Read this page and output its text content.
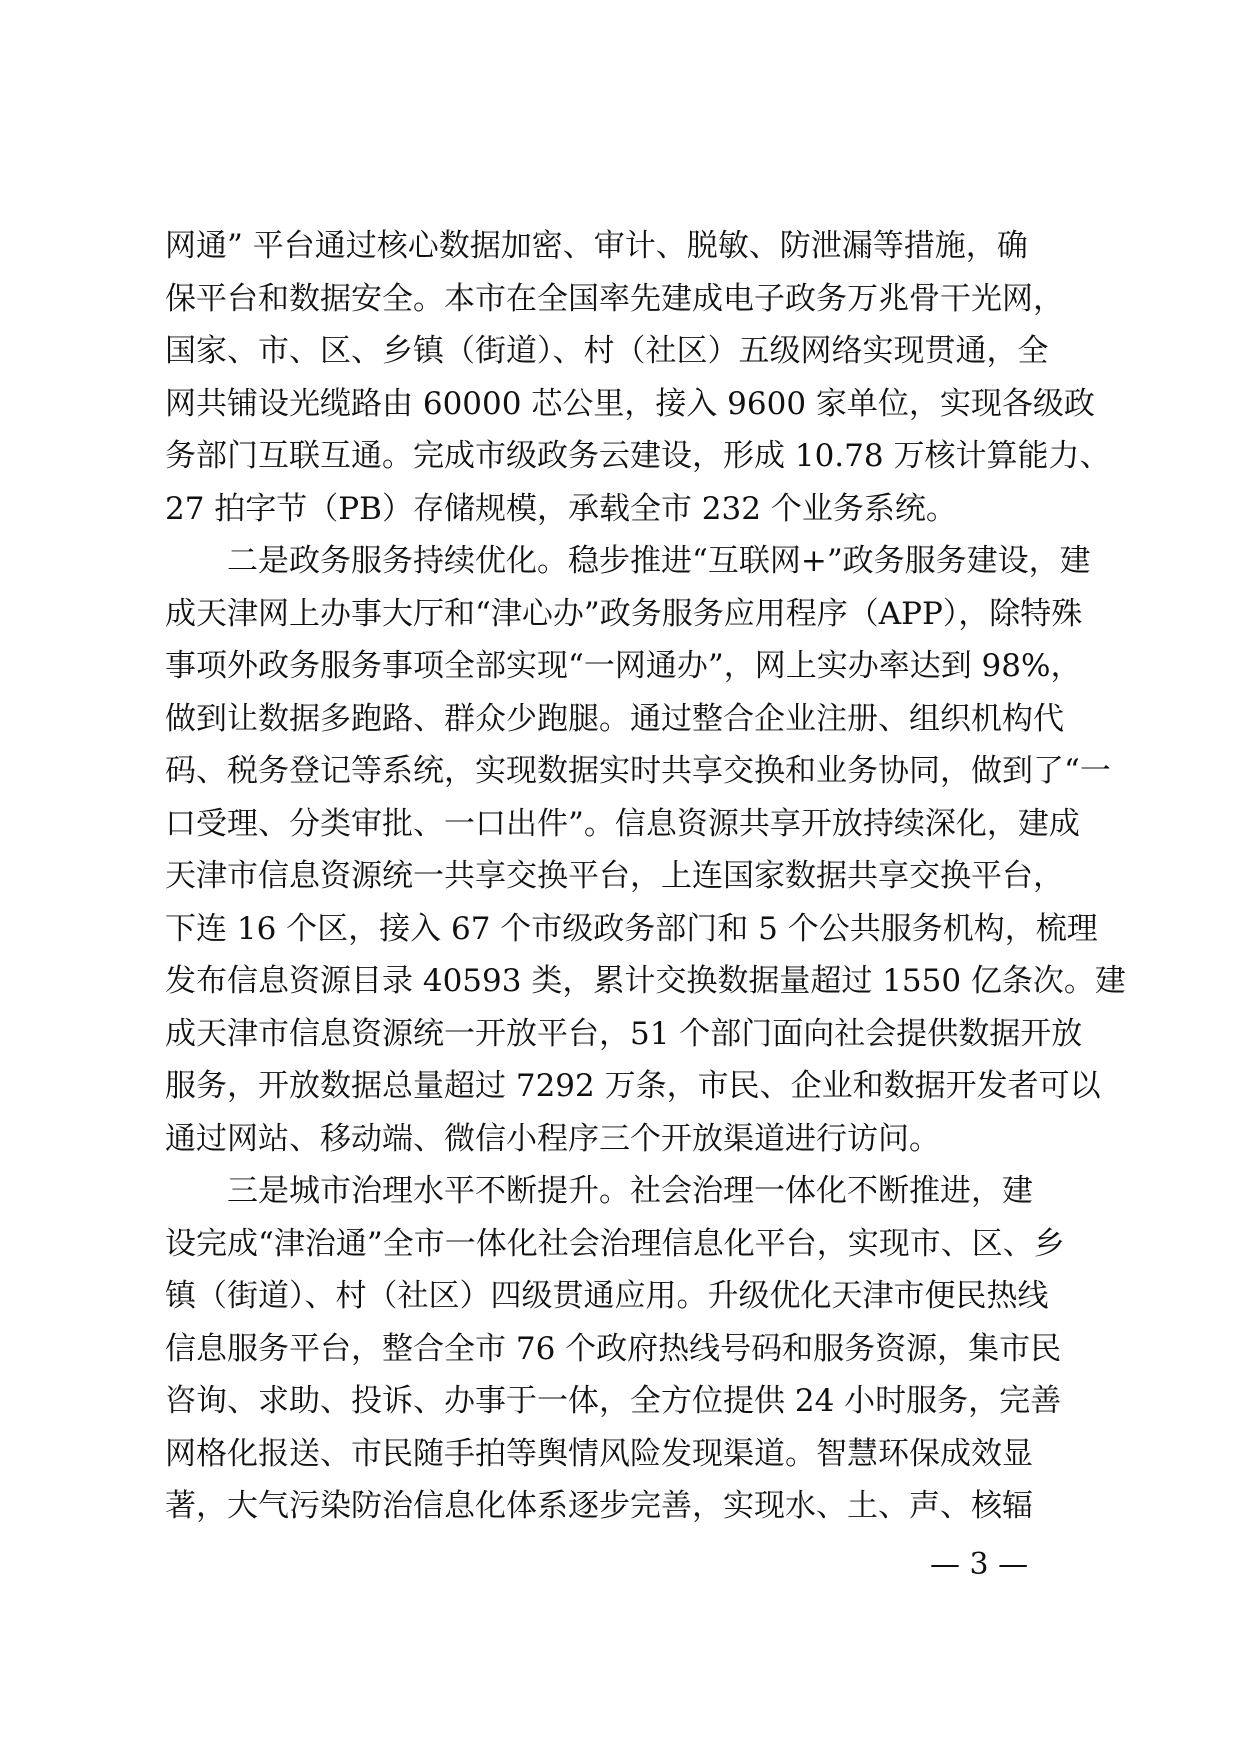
网通” 平台通过核心数据加密、审计、脱敏、防泄漏等措施，确
保平台和数据安全。本市在全国率先建成电子政务万兆骨干光网，
国家、市、区、乡镇（街道）、村（社区）五级网络实现贯通，全
网共铺设光缆路由 60000 芯公里，接入 9600 家单位，实现各级政
务部门互联互通。完成市级政务云建设，形成 10.78 万核计算能力、
27 拍字节（PB）存储规模，承载全市 232 个业务系统。
　　二是政务服务持续优化。稳步推进“互联网+”政务服务建设，建
成天津网上办事大厅和“津心办”政务服务应用程序（APP），除特殊
事项外政务服务事项全部实现“一网通办”，网上实办率达到 98%，
做到让数据多跑路、群众少跑腿。通过整合企业注册、组织机构代
码、税务登记等系统，实现数据实时共享交换和业务协同，做到了“一
口受理、分类审批、一口出件”。信息资源共享开放持续深化，建成
天津市信息资源统一共享交换平台，上连国家数据共享交换平台，
下连 16 个区，接入 67 个市级政务部门和 5 个公共服务机构，梳理
发布信息资源目录 40593 类，累计交换数据量超过 1550 亿条次。建
成天津市信息资源统一开放平台，51 个部门面向社会提供数据开放
服务，开放数据总量超过 7292 万条，市民、企业和数据开发者可以
通过网站、移动端、微信小程序三个开放渠道进行访问。
　　三是城市治理水平不断提升。社会治理一体化不断推进，建
设完成“津治通”全市一体化社会治理信息化平台，实现市、区、乡
镇（街道）、村（社区）四级贯通应用。升级优化天津市便民热线
信息服务平台，整合全市 76 个政府热线号码和服务资源，集市民
咨询、求助、投诉、办事于一体，全方位提供 24 小时服务，完善
网格化报送、市民随手拍等舆情风险发现渠道。智慧环保成效显
著，大气污染防治信息化体系逐步完善，实现水、土、声、核辐
— 3 —
